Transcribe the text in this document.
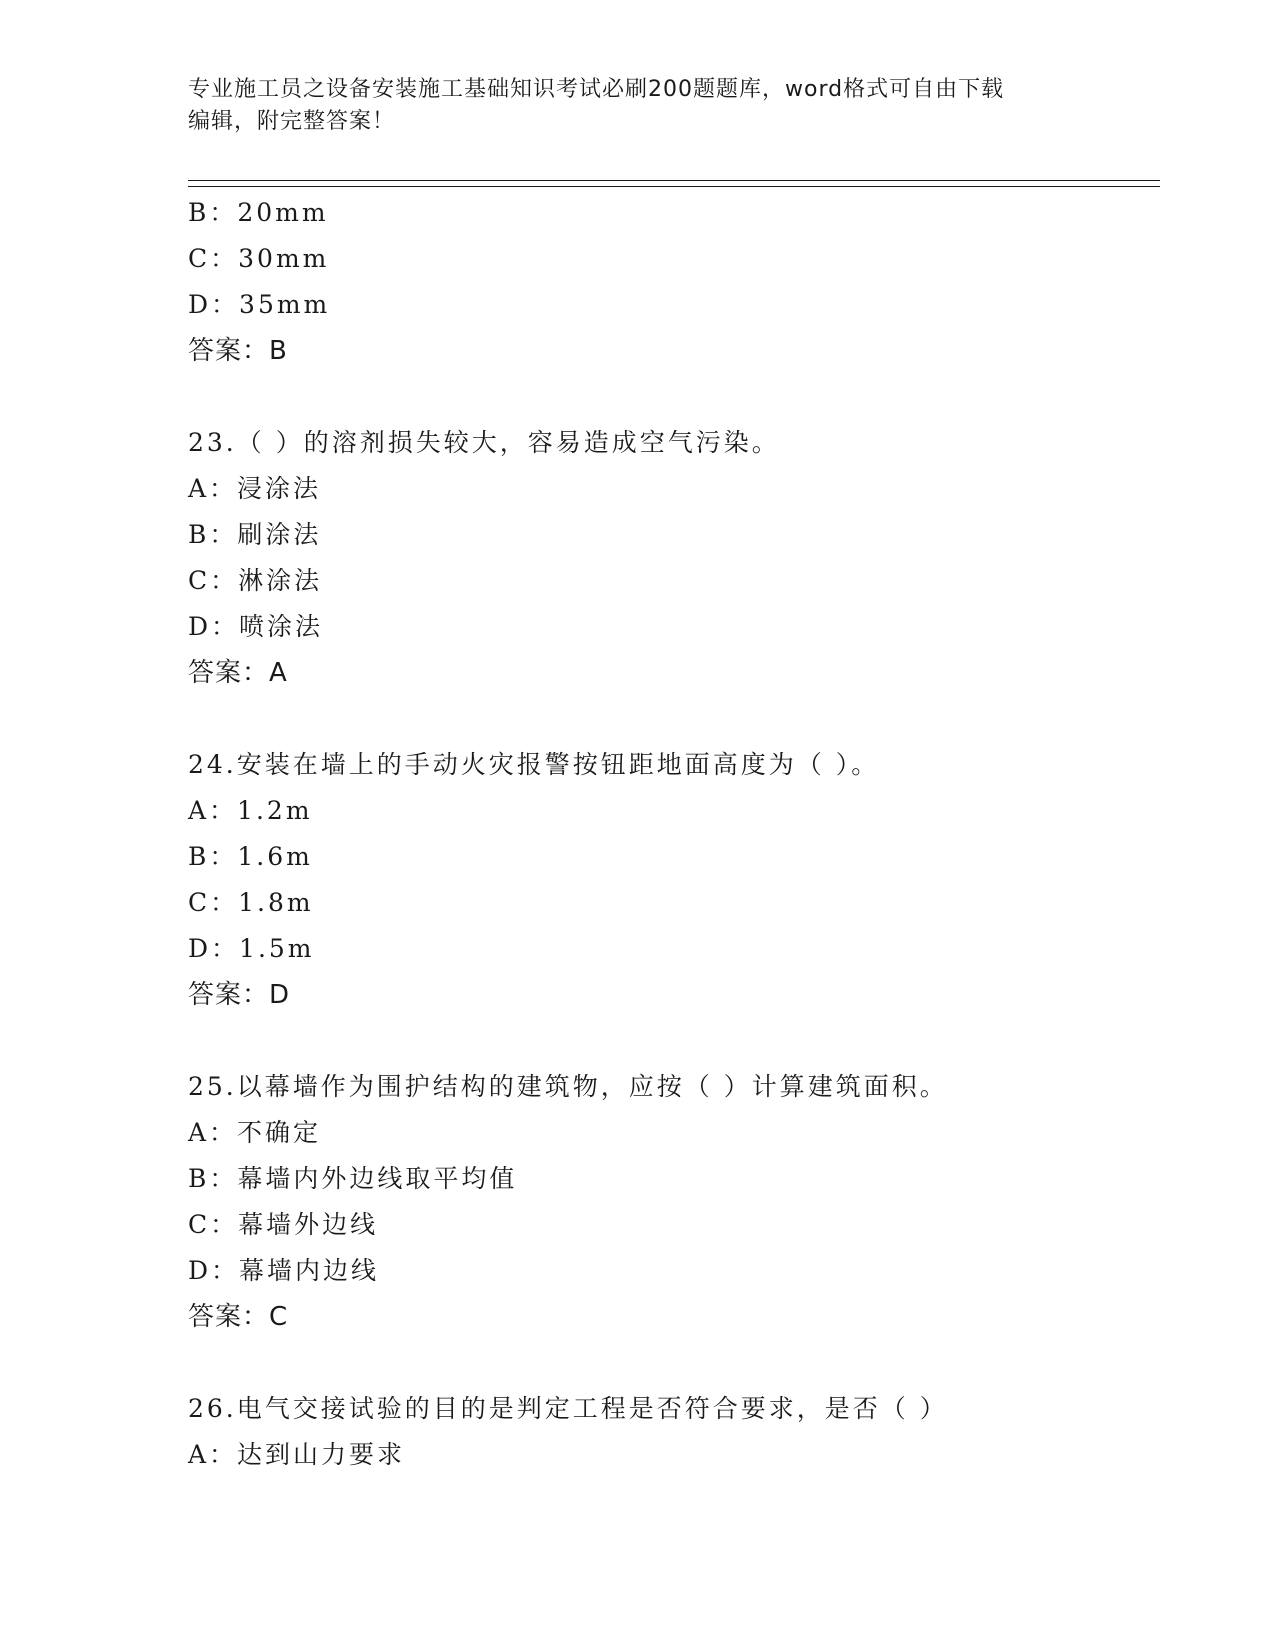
专业施工员之设备安装施工基础知识考试必刷200题题库，word格式可自由下载
编辑，附完整答案！
B：20mm
C：30mm
D：35mm
答案：B
23.（ ）的溶剂损失较大，容易造成空气污染。
A：浸涂法
B：刷涂法
C：淋涂法
D：喷涂法
答案：A
24.安装在墙上的手动火灾报警按钮距地面高度为（ ）。
A：1.2m
B：1.6m
C：1.8m
D：1.5m
答案：D
25.以幕墙作为围护结构的建筑物，应按（ ）计算建筑面积。
A：不确定
B：幕墙内外边线取平均值
C：幕墙外边线
D：幕墙内边线
答案：C
26.电气交接试验的目的是判定工程是否符合要求，是否（ ）
A：达到山力要求
